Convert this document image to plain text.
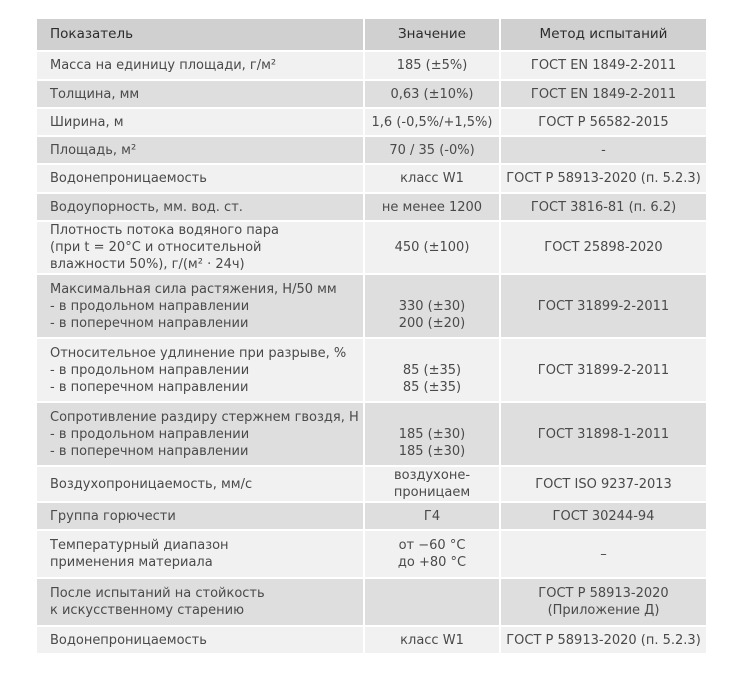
Показатель	Значение	Метод испытаний

Масса на единицу площади, г/м²	185 (±5%)	ГОСТ EN 1849-2-2011

Толщина, мм	0,63 (±10%)	ГОСТ EN 1849-2-2011

Ширина, м	1,6 (-0,5%/+1,5%)	ГОСТ Р 56582-2015

Площадь, м²	70 / 35 (-0%)	-

Водонепроницаемость	класс W1	ГОСТ Р 58913-2020 (п. 5.2.3)

Водоупорность, мм. вод. ст.	не менее 1200	ГОСТ 3816-81 (п. 6.2)

Плотность потока водяного пара
(при t = 20°С и относительной
влажности 50%), г/(м² · 24ч)	450 (±100)	ГОСТ 25898-2020

Максимальная сила растяжения, Н/50 мм
- в продольном направлении
- в поперечном направлении	330 (±30)
200 (±20)	ГОСТ 31899-2-2011

Относительное удлинение при разрыве, %
- в продольном направлении
- в поперечном направлении	85 (±35)
85 (±35)	ГОСТ 31899-2-2011

Сопротивление раздиру стержнем гвоздя, Н
- в продольном направлении
- в поперечном направлении	185 (±30)
185 (±30)	ГОСТ 31898-1-2011

Воздухопроницаемость, мм/с	воздухоне-
проницаем	ГОСТ ISO 9237-2013

Группа горючести	Г4	ГОСТ 30244-94

Температурный диапазон
применения материала	от −60 °С
до +80 °С	–

После испытаний на стойкость
к искусственному старению		ГОСТ Р 58913-2020
(Приложение Д)

Водонепроницаемость	класс W1	ГОСТ Р 58913-2020 (п. 5.2.3)
